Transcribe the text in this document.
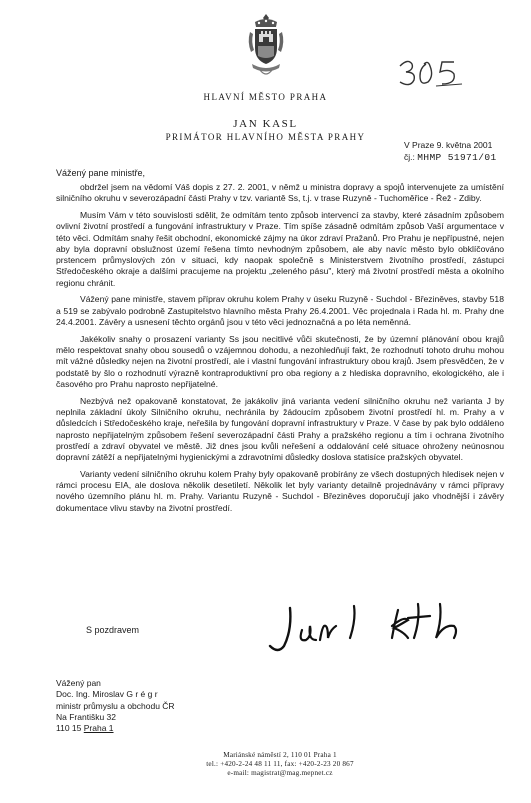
HLAVNÍ MĚSTO PRAHA
JAN KASL
PRIMÁTOR HLAVNÍHO MĚSTA PRAHY
V Praze 9. května 2001
čj.: MHMP 51971/01
Vážený pane ministře,

obdržel jsem na vědomí Váš dopis z 27. 2. 2001, v němž u ministra dopravy a spojů intervenujete za umístění silničního okruhu v severozápadní části Prahy v tzv. variantě Ss, t.j. v trase Ruzyně - Tuchoměřice - Řež - Zdiby.

Musím Vám v této souvislosti sdělit, že odmítám tento způsob intervencí za stavby, které zásadním způsobem ovlivní životní prostředí a fungování infrastruktury v Praze. Tím spíše zásadně odmítám způsob Vaší argumentace v této věci. Odmítám snahy řešit obchodní, ekonomické zájmy na úkor zdraví Pražanů. Pro Prahu je nepřípustné, nejen aby byla dopravní obslužnost území řešena tímto nevhodným způsobem, ale aby navíc město bylo obklíčováno prstencem průmyslových zón v situaci, kdy naopak společně s Ministerstvem životního prostředí, zástupci Středočeského okraje a dalšími pracujeme na projektu „zeleného pásu", který má životní prostředí města a okolního regionu chránit.

Vážený pane ministře, stavem příprav okruhu kolem Prahy v úseku Ruzyně - Suchdol - Březiněves, stavby 518 a 519 se zabývalo podrobně Zastupitelstvo hlavního města Prahy 26.4.2001. Věc projednala i Rada hl. m. Prahy dne 24.4.2001. Závěry a usnesení těchto orgánů jsou v této věci jednoznačná a po léta neměnná.

Jakékoliv snahy o prosazení varianty Ss jsou necitlivé vůči skutečnosti, že by územní plánování obou krajů mělo respektovat snahy obou sousedů o vzájemnou dohodu, a nezohledňují fakt, že rozhodnutí tohoto druhu mohou mít vážné důsledky nejen na životní prostředí, ale i vlastní fungování infrastruktury obou krajů. Jsem přesvědčen, že v podstatě by šlo o rozhodnutí výrazně kontraproduktivní pro oba regiony a z hlediska dopravního, ekologického, ale i časového pro Prahu naprosto nepřijatelné.

Nezbývá než opakovaně konstatovat, že jakákoliv jiná varianta vedení silničního okruhu než varianta J by neplnila základní úkoly Silničního okruhu, nechránila by žádoucím způsobem životní prostředí hl. m. Prahy a v důsledcích i Středočeského kraje, neřešila by fungování dopravní infrastruktury v Praze. V čase by pak bylo oddáleno naprosto nepřijatelným způsobem řešení severozápadní části Prahy a pražského regionu a tím i ochrana životního prostředí a zdraví obyvatel ve městě. Již dnes jsou kvůli neřešení a oddalování celé situace ohroženy neúnosnou dopravní zátěží a nepřijatelnými hygienickými a zdravotními důsledky doslova statisíce pražských obyvatel.

Varianty vedení silničního okruhu kolem Prahy byly opakovaně probírány ze všech dostupných hledisek nejen v rámci procesu EIA, ale doslova několik desetiletí. Několik let byly varianty detailně projednávány v rámci přípravy nového územního plánu hl. m. Prahy. Variantu Ruzyně - Suchdol - Březiněves doporučují jako vhodnější i závěry dokumentace vlivu stavby na životní prostředí.

S pozdravem
Vážený pan
Doc. Ing. Miroslav G r é g r
ministr průmyslu a obchodu ČR
Na Františku 32
110 15 Praha 1
Mariánské náměstí 2, 110 01 Praha 1
tel.: +420-2-24 48 11 11, fax: +420-2-23 20 867
e-mail: magistrat@mag.mepnet.cz
